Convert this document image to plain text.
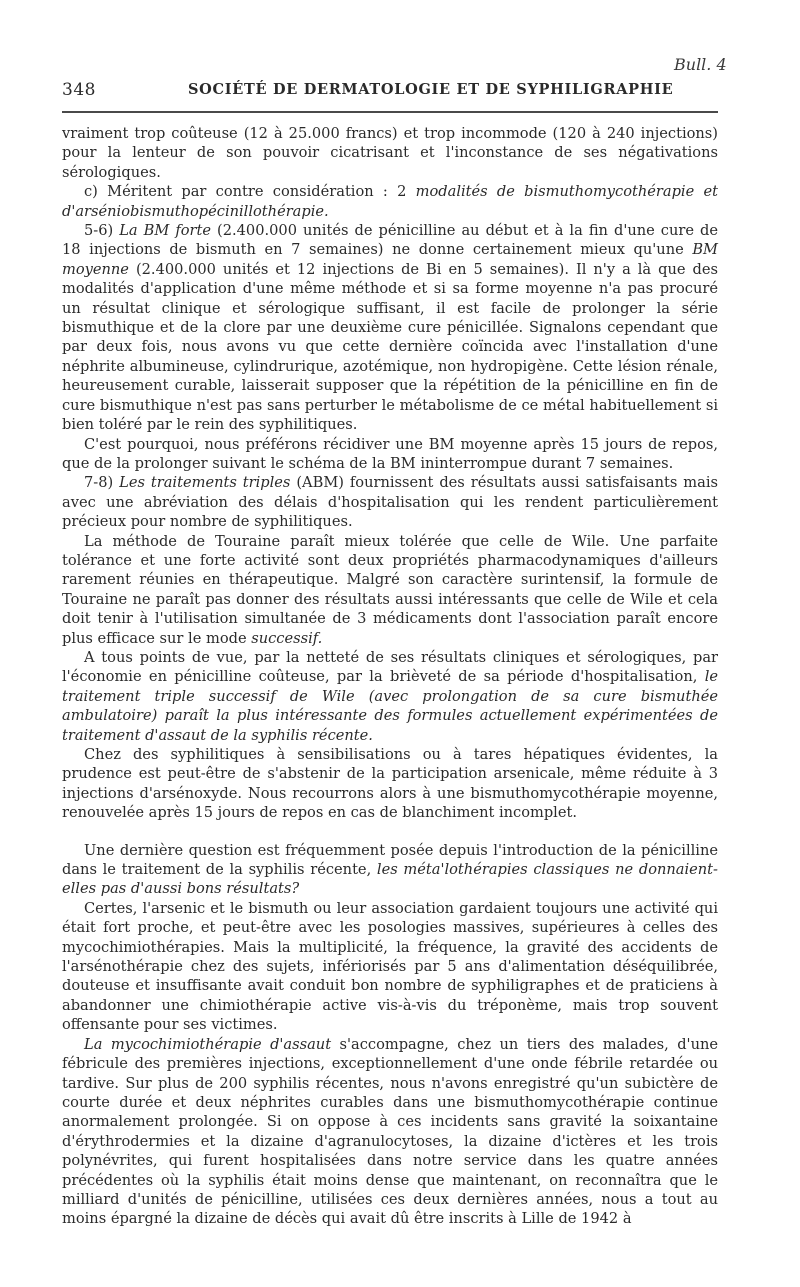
Bull. 4
348	SOCIÉTÉ DE DERMATOLOGIE ET DE SYPHILIGRAPHIE

vraiment trop coûteuse (12 à 25.000 francs) et trop incommode (120 à 240 injections) pour la lenteur de son pouvoir cicatrisant et l'inconstance de ses négativations sérologiques.

c) Méritent par contre considération : 2 modalités de bismuthomycothérapie et d'arséniobismuthopécinillothérapie.

5-6) La BM forte (2.400.000 unités de pénicilline au début et à la fin d'une cure de 18 injections de bismuth en 7 semaines) ne donne certainement mieux qu'une BM moyenne (2.400.000 unités et 12 injections de Bi en 5 semaines). Il n'y a là que des modalités d'application d'une même méthode et si sa forme moyenne n'a pas procuré un résultat clinique et sérologique suffisant, il est facile de prolonger la série bismuthique et de la clore par une deuxième cure pénicillée. Signalons cependant que par deux fois, nous avons vu que cette dernière coïncida avec l'installation d'une néphrite albumineuse, cylindrurique, azotémique, non hydropigène. Cette lésion rénale, heureusement curable, laisserait supposer que la répétition de la pénicilline en fin de cure bismuthique n'est pas sans perturber le métabolisme de ce métal habituellement si bien toléré par le rein des syphilitiques.

C'est pourquoi, nous préférons récidiver une BM moyenne après 15 jours de repos, que de la prolonger suivant le schéma de la BM ininterrompue durant 7 semaines.

7-8) Les traitements triples (ABM) fournissent des résultats aussi satisfaisants mais avec une abréviation des délais d'hospitalisation qui les rendent particulièrement précieux pour nombre de syphilitiques.

La méthode de Touraine paraît mieux tolérée que celle de Wile. Une parfaite tolérance et une forte activité sont deux propriétés pharmacodynamiques d'ailleurs rarement réunies en thérapeutique. Malgré son caractère surintensif, la formule de Touraine ne paraît pas donner des résultats aussi intéressants que celle de Wile et cela doit tenir à l'utilisation simultanée de 3 médicaments dont l'association paraît encore plus efficace sur le mode successif.

A tous points de vue, par la netteté de ses résultats cliniques et sérologiques, par l'économie en pénicilline coûteuse, par la brièveté de sa période d'hospitalisation, le traitement triple successif de Wile (avec prolongation de sa cure bismuthée ambulatoire) paraît la plus intéressante des formules actuellement expérimentées de traitement d'assaut de la syphilis récente.

Chez des syphilitiques à sensibilisations ou à tares hépatiques évidentes, la prudence est peut-être de s'abstenir de la participation arsenicale, même réduite à 3 injections d'arsénoxyde. Nous recourrons alors à une bismuthomycothérapie moyenne, renouvelée après 15 jours de repos en cas de blanchiment incomplet.

Une dernière question est fréquemment posée depuis l'introduction de la pénicilline dans le traitement de la syphilis récente, les méta'lothérapies classiques ne donnaient-elles pas d'aussi bons résultats?

Certes, l'arsenic et le bismuth ou leur association gardaient toujours une activité qui était fort proche, et peut-être avec les posologies massives, supérieures à celles des mycochimiothérapies. Mais la multiplicité, la fréquence, la gravité des accidents de l'arsénothérapie chez des sujets, infériorisés par 5 ans d'alimentation déséquilibrée, douteuse et insuffisante avait conduit bon nombre de syphiligraphes et de praticiens à abandonner une chimiothérapie active vis-à-vis du tréponème, mais trop souvent offensante pour ses victimes.

La mycochimiothérapie d'assaut s'accompagne, chez un tiers des malades, d'une fébricule des premières injections, exceptionnellement d'une onde fébrile retardée ou tardive. Sur plus de 200 syphilis récentes, nous n'avons enregistré qu'un subictère de courte durée et deux néphrites curables dans une bismuthomycothérapie continue anormalement prolongée. Si on oppose à ces incidents sans gravité la soixantaine d'érythrodermies et la dizaine d'agranulocytoses, la dizaine d'ictères et les trois polynévrites, qui furent hospitalisées dans notre service dans les quatre années précédentes où la syphilis était moins dense que maintenant, on reconnaîtra que le milliard d'unités de pénicilline, utilisées ces deux dernières années, nous a tout au moins épargné la dizaine de décès qui avait dû être inscrits à Lille de 1942 à
